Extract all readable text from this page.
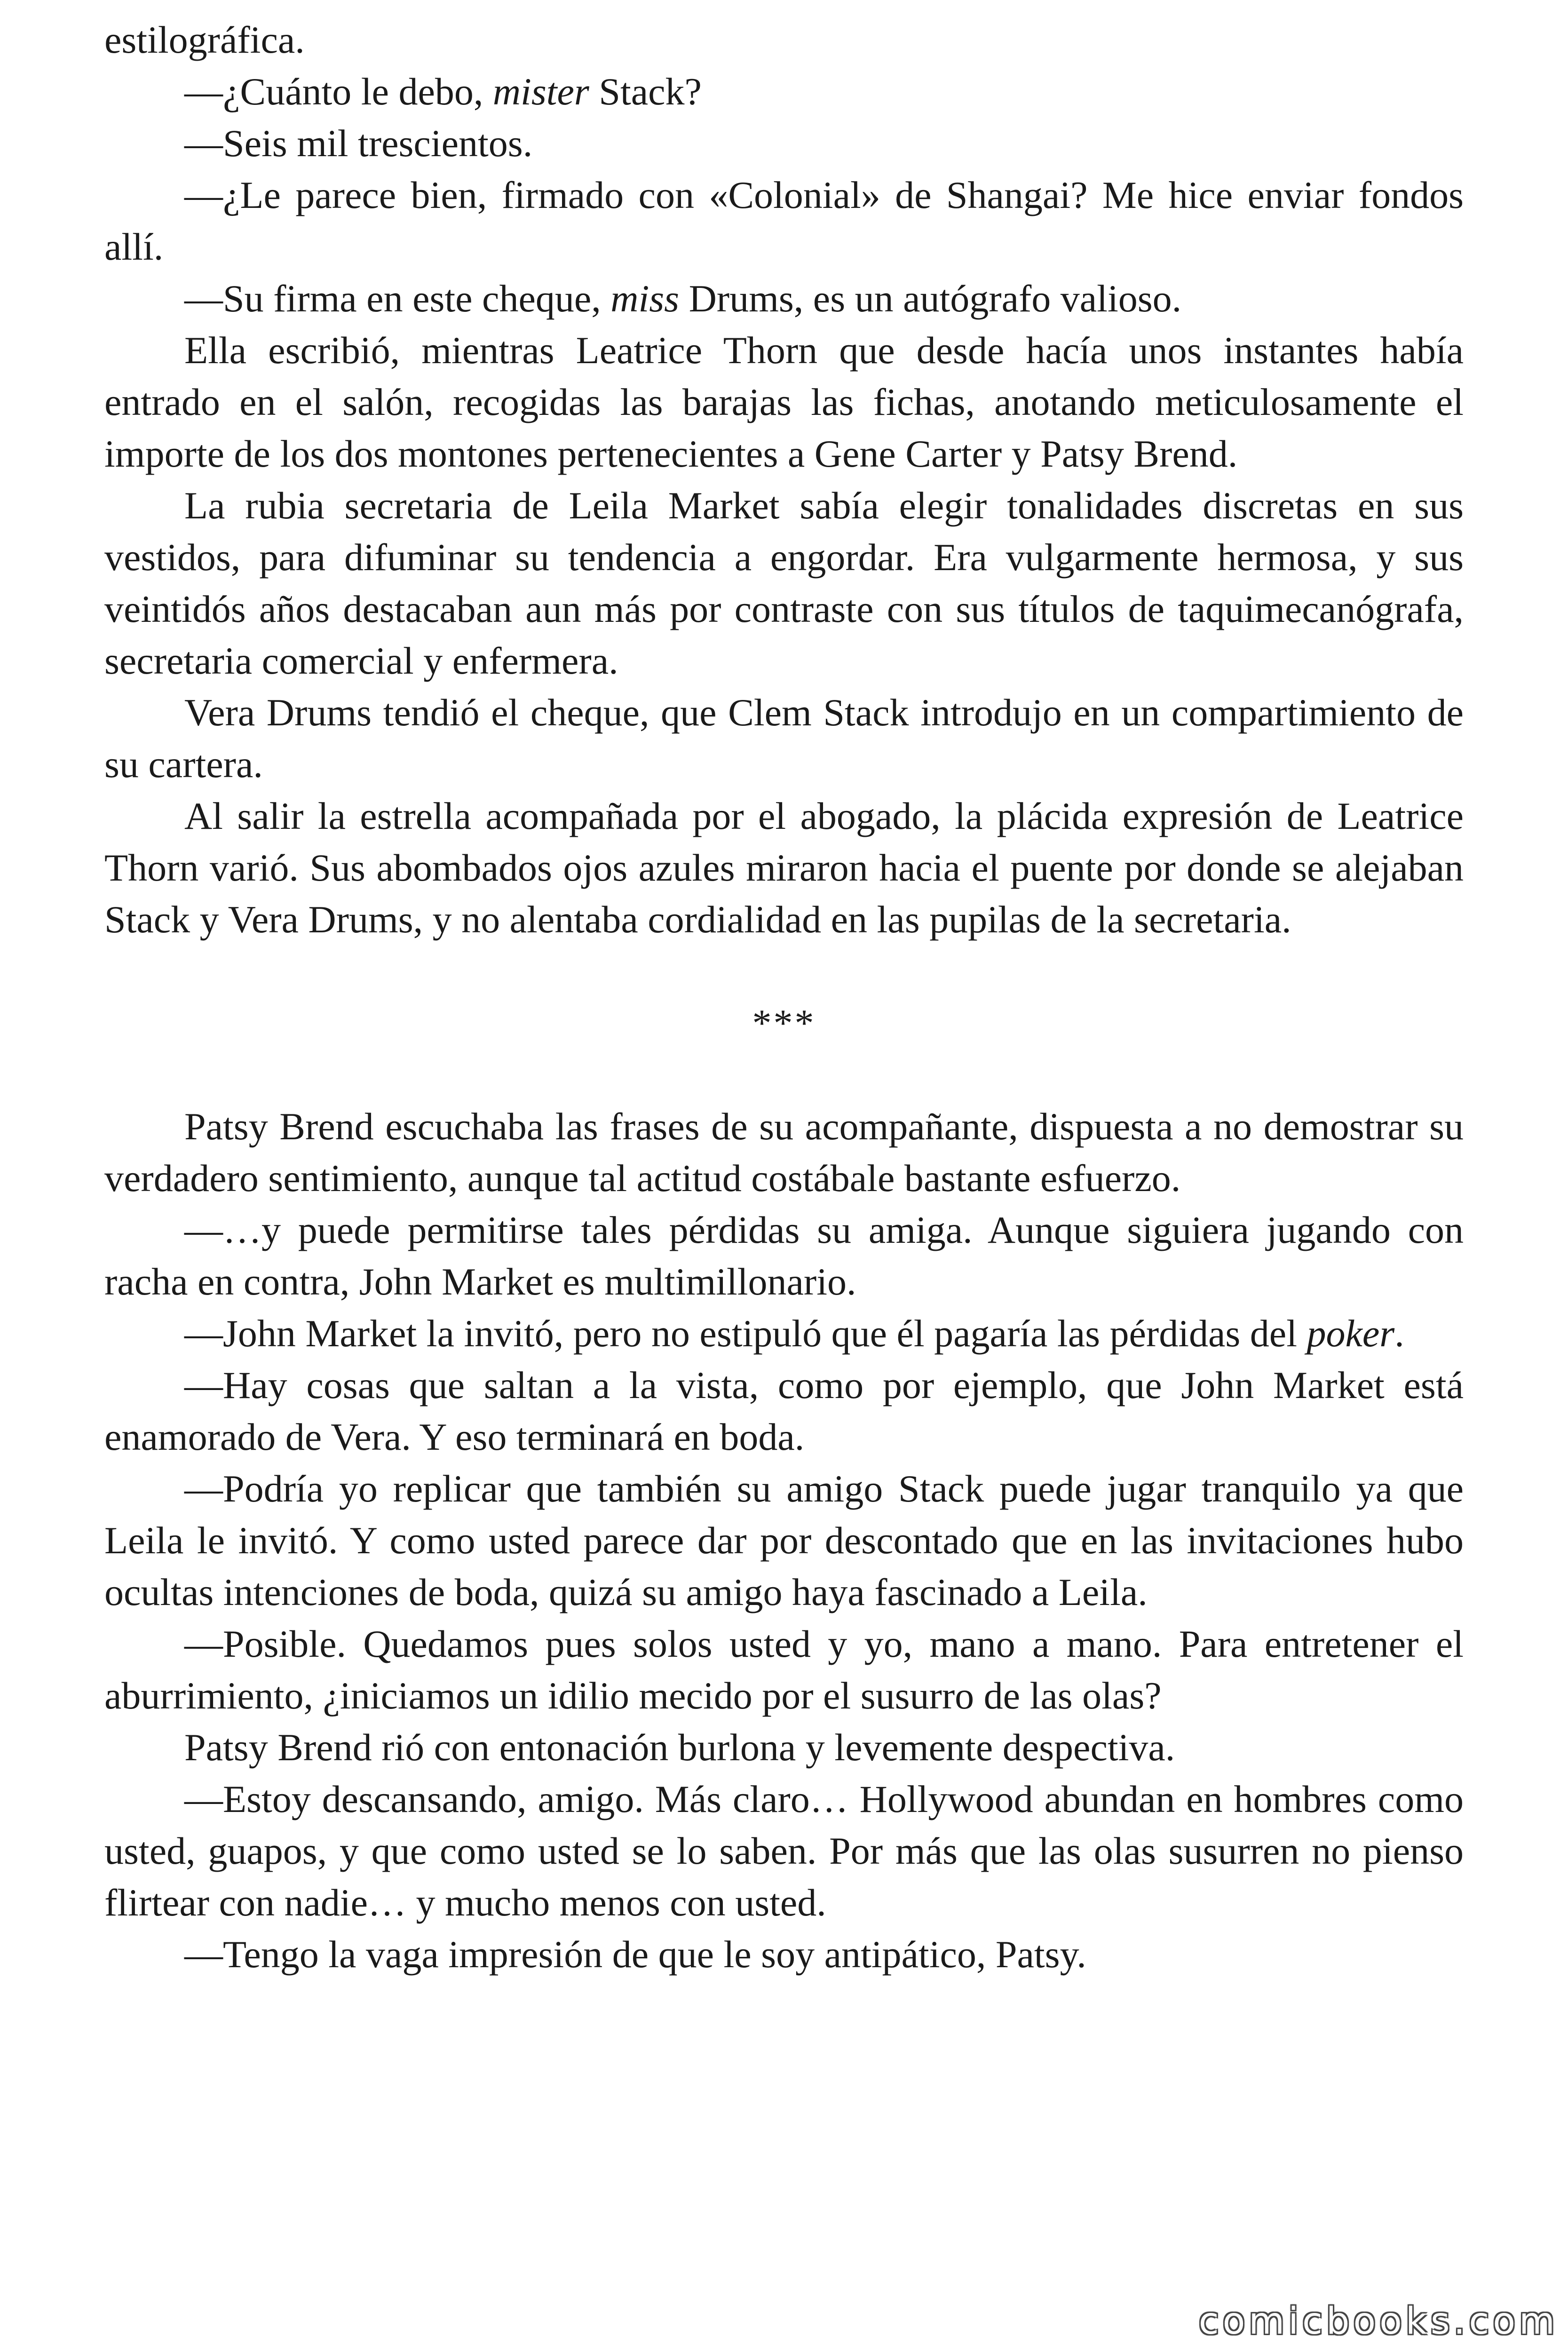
estilográfica.

—¿Cuánto le debo, mister Stack?

—Seis mil trescientos.

—¿Le parece bien, firmado con «Colonial» de Shangai? Me hice enviar fondos allí.

—Su firma en este cheque, miss Drums, es un autógrafo valioso.

Ella escribió, mientras Leatrice Thorn que desde hacía unos instantes había entrado en el salón, recogidas las barajas las fichas, anotando meticulosamente el importe de los dos montones pertenecientes a Gene Carter y Patsy Brend.

La rubia secretaria de Leila Market sabía elegir tonalidades discretas en sus vestidos, para difuminar su tendencia a engordar. Era vulgarmente hermosa, y sus veintidós años destacaban aun más por contraste con sus títulos de taquimecanógrafa, secretaria comercial y enfermera.

Vera Drums tendió el cheque, que Clem Stack introdujo en un compartimiento de su cartera.

Al salir la estrella acompañada por el abogado, la plácida expresión de Leatrice Thorn varió. Sus abombados ojos azules miraron hacia el puente por donde se alejaban Stack y Vera Drums, y no alentaba cordialidad en las pupilas de la secretaria.

***

Patsy Brend escuchaba las frases de su acompañante, dispuesta a no demostrar su verdadero sentimiento, aunque tal actitud costábale bastante esfuerzo.

—…y puede permitirse tales pérdidas su amiga. Aunque siguiera jugando con racha en contra, John Market es multimillonario.

—John Market la invitó, pero no estipuló que él pagaría las pérdidas del poker.

—Hay cosas que saltan a la vista, como por ejemplo, que John Market está enamorado de Vera. Y eso terminará en boda.

—Podría yo replicar que también su amigo Stack puede jugar tranquilo ya que Leila le invitó. Y como usted parece dar por descontado que en las invitaciones hubo ocultas intenciones de boda, quizá su amigo haya fascinado a Leila.

—Posible. Quedamos pues solos usted y yo, mano a mano. Para entretener el aburrimiento, ¿iniciamos un idilio mecido por el susurro de las olas?

Patsy Brend rió con entonación burlona y levemente despectiva.

—Estoy descansando, amigo. Más claro… Hollywood abundan en hombres como usted, guapos, y que como usted se lo saben. Por más que las olas susurren no pienso flirtear con nadie… y mucho menos con usted.

—Tengo la vaga impresión de que le soy antipático, Patsy.

comicbooks.com
